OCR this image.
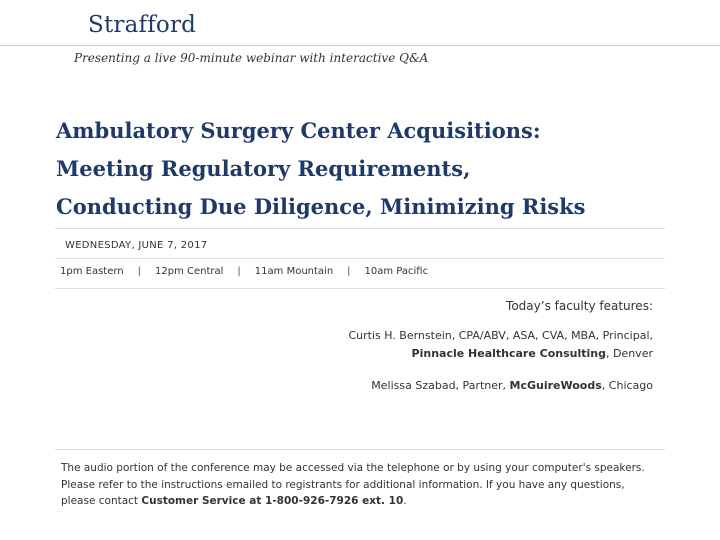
Strafford
Presenting a live 90-minute webinar with interactive Q&A
Ambulatory Surgery Center Acquisitions:
Meeting Regulatory Requirements,
Conducting Due Diligence, Minimizing Risks
WEDNESDAY, JUNE 7, 2017
1pm Eastern	|	12pm Central	|	11am Mountain	|	10am Pacific
Today’s faculty features:
Curtis H. Bernstein, CPA/ABV, ASA, CVA, MBA, Principal,
Pinnacle Healthcare Consulting, Denver
Melissa Szabad, Partner, McGuireWoods, Chicago
The audio portion of the conference may be accessed via the telephone or by using your computer's speakers. Please refer to the instructions emailed to registrants for additional information. If you have any questions, please contact Customer Service at 1-800-926-7926 ext. 10.
